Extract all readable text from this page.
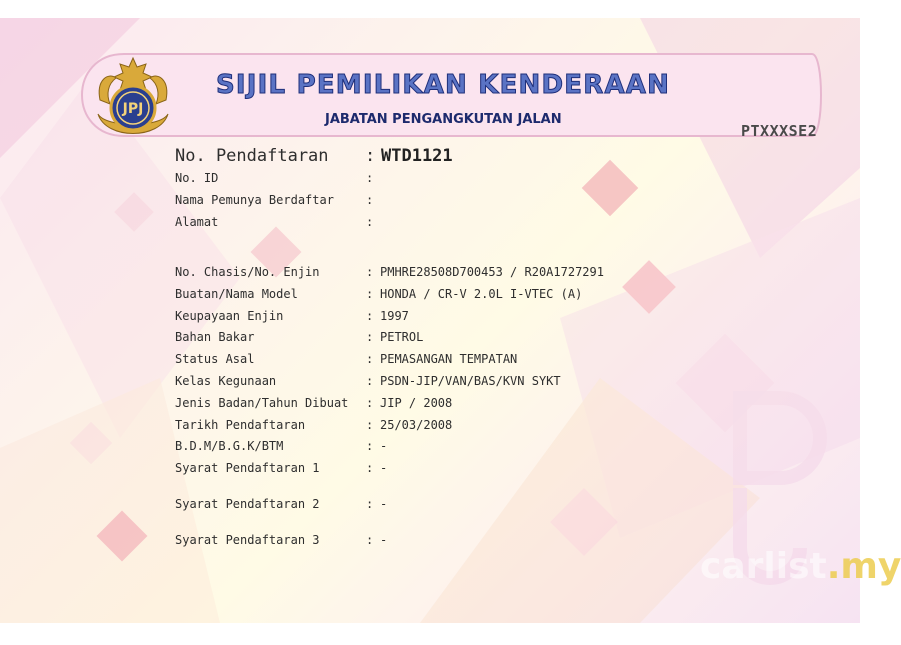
JPJ
SIJIL PEMILIKAN KENDERAAN
JABATAN PENGANGKUTAN JALAN
PTXXXSE2
No. Pendaftaran : WTD1121
No. ID	:
Nama Pemunya Berdaftar	:
Alamat	:
No. Chasis/No. Enjin	: PMHRE28508D700453 / R20A1727291
Buatan/Nama Model	: HONDA / CR-V 2.0L I-VTEC (A)
Keupayaan Enjin	: 1997
Bahan Bakar	: PETROL
Status Asal	: PEMASANGAN TEMPATAN
Kelas Kegunaan	: PSDN-JIP/VAN/BAS/KVN SYKT
Jenis Badan/Tahun Dibuat : JIP / 2008
Tarikh Pendaftaran	: 25/03/2008
B.D.M/B.G.K/BTM	: -
Syarat Pendaftaran 1	: -
Syarat Pendaftaran 2	: -
Syarat Pendaftaran 3	: -
carlist.my
